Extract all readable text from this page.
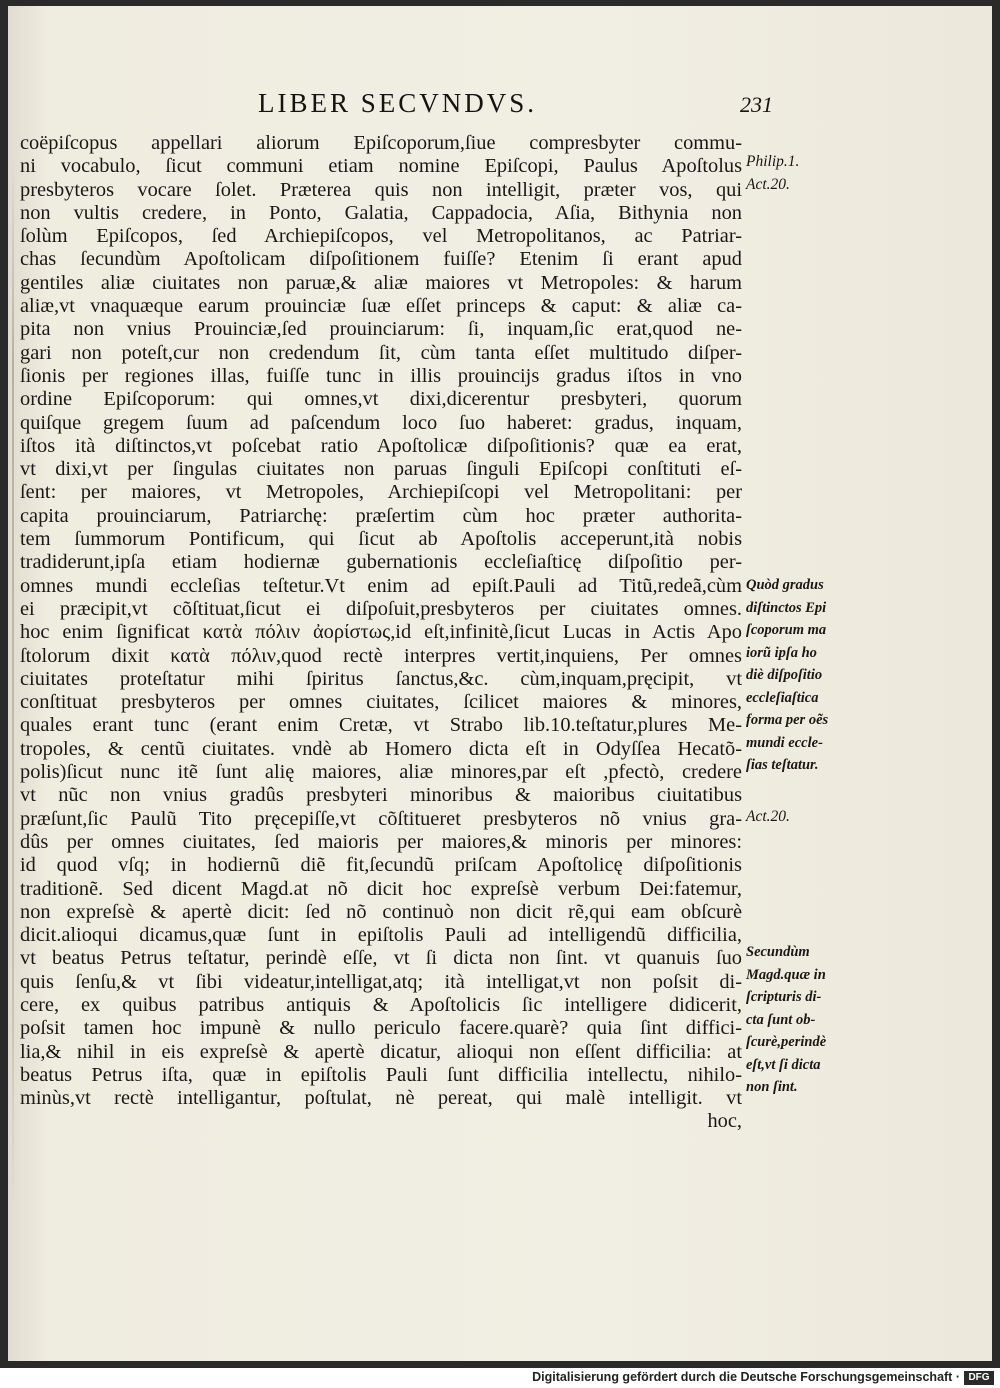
LIBER SECVNDVS.	231
coëpiſcopus appellari aliorum Epiſcoporum,ſiue compresbyter commu-
ni vocabulo, ſicut communi etiam nomine Epiſcopi, Paulus Apoſtolus
presbyteros vocare ſolet. Præterea quis non intelligit, præter vos, qui
non vultis credere, in Ponto, Galatia, Cappadocia, Aſia, Bithynia non
ſolùm Epiſcopos, ſed Archiepiſcopos, vel Metropolitanos, ac Patriar-
chas ſecundùm Apoſtolicam diſpoſitionem fuiſſe? Etenim ſi erant apud
gentiles aliæ ciuitates non paruæ,& aliæ maiores vt Metropoles: & harum
aliæ,vt vnaquæque earum prouinciæ ſuæ eſſet princeps & caput: & aliæ ca-
pita non vnius Prouinciæ,ſed prouinciarum: ſi, inquam,ſic erat,quod ne-
gari non poteſt,cur non credendum ſit, cùm tanta eſſet multitudo diſper-
ſionis per regiones illas, fuiſſe tunc in illis prouincijs gradus iſtos in vno
ordine Epiſcoporum: qui omnes,vt dixi,dicerentur presbyteri, quorum
quiſque gregem ſuum ad paſcendum loco ſuo haberet: gradus, inquam,
iſtos ità diſtinctos,vt poſcebat ratio Apoſtolicæ diſpoſitionis? quæ ea erat,
vt dixi,vt per ſingulas ciuitates non paruas ſinguli Epiſcopi conſtituti eſ-
ſent: per maiores, vt Metropoles, Archiepiſcopi vel Metropolitani: per
capita prouinciarum, Patriarchę: præſertim cùm hoc præter authorita-
tem ſummorum Pontificum, qui ſicut ab Apoſtolis acceperunt,ità nobis
tradiderunt,ipſa etiam hodiernæ gubernationis eccleſiaſticę diſpoſitio per-
omnes mundi eccleſias teſtetur.Vt enim ad epiſt.Pauli ad Titũ,redeã,cùm
ei præcipit,vt cõſtituat,ſicut ei diſpoſuit,presbyteros per ciuitates omnes.
hoc enim ſignificat κατὰ πόλιν ἀορίστως,id eſt,infinitè,ſicut Lucas in Actis Apo
ſtolorum dixit κατὰ πόλιν,quod rectè interpres vertit,inquiens, Per omnes
ciuitates proteſtatur mihi ſpiritus ſanctus,&c. cùm,inquam,pręcipit, vt
conſtituat presbyteros per omnes ciuitates, ſcilicet maiores & minores,
quales erant tunc (erant enim Cretæ, vt Strabo lib.10.teſtatur,plures Me-
tropoles, & centũ ciuitates. vndè ab Homero dicta eſt in Odyſſea Hecatõ-
polis)ſicut nunc itẽ ſunt alię maiores, aliæ minores,par eſt ,pfectò, credere
vt nũc non vnius gradûs presbyteri minoribus & maioribus ciuitatibus
præſunt,ſic Paulũ Tito pręcepiſſe,vt cõſtitueret presbyteros nõ vnius gra-
dûs per omnes ciuitates, ſed maioris per maiores,& minoris per minores:
id quod vſq; in hodiernũ diẽ fit,ſecundũ priſcam Apoſtolicę diſpoſitionis
traditionẽ. Sed dicent Magd.at nõ dicit hoc expreſsè verbum Dei:fatemur,
non expreſsè & apertè dicit: ſed nõ continuò non dicit rẽ,qui eam obſcurè
dicit.alioqui dicamus,quæ ſunt in epiſtolis Pauli ad intelligendũ difficilia,
vt beatus Petrus teſtatur, perindè eſſe, vt ſi dicta non ſint. vt quanuis ſuo
quis ſenſu,& vt ſibi videatur,intelligat,atq; ità intelligat,vt non poſsit di-
cere, ex quibus patribus antiquis & Apoſtolicis ſic intelligere didicerit,
poſsit tamen hoc impunè & nullo periculo facere.quarè? quia ſint diffici-
lia,& nihil in eis expreſsè & apertè dicatur, alioqui non eſſent difficilia: at
beatus Petrus iſta, quæ in epiſtolis Pauli ſunt difficilia intellectu, nihilo-
minùs,vt rectè intelligantur, poſtulat, nè pereat, qui malè intelligit. vt
hoc,
Philip.1.
Act.20.
Quòd gradus
diſtinctos Epi
ſcoporum ma
iorũ ipſa ho
diè diſpoſitio
eccleſiaſtica
forma per oẽs
mundi eccle-
ſias teſtatur.
Act.20.
Secundùm
Magd.quæ in
ſcripturis di-
cta ſunt ob-
ſcurè,perindè
eſt,vt ſi dicta
non ſint.
Digitalisierung gefördert durch die Deutsche Forschungsgemeinschaft · DFG
